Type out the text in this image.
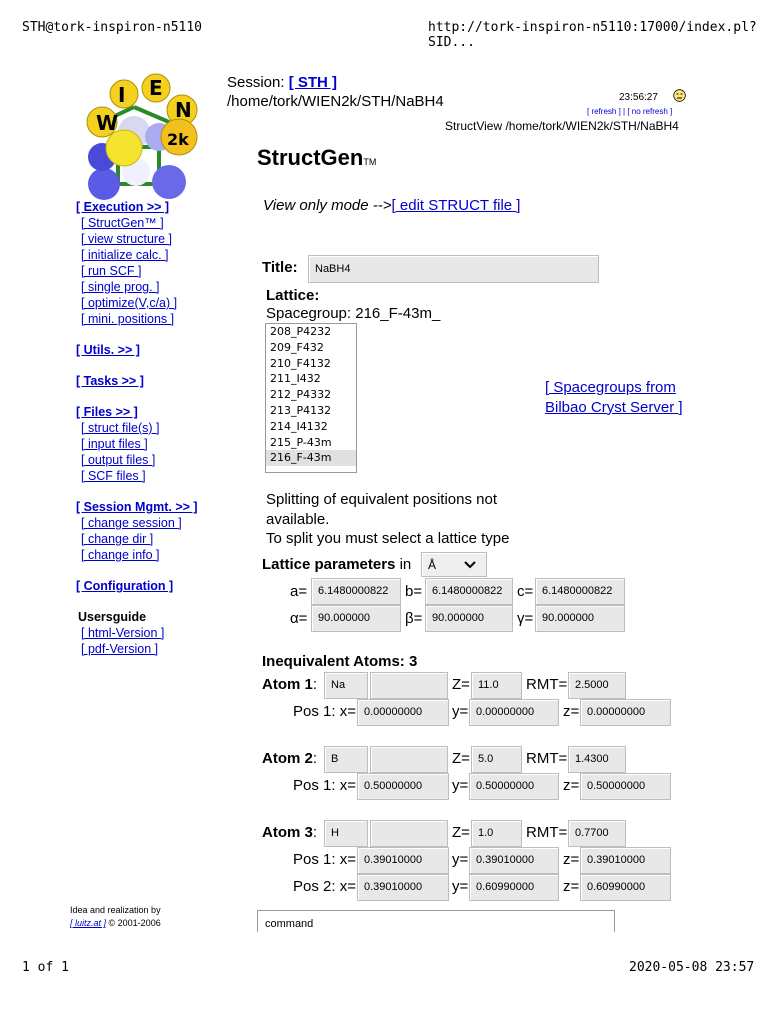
STH@tork-inspiron-n5110	http://tork-inspiron-n5110:17000/index.pl?SID...
1 of 1	2020-05-08 23:57
W
I E
N
2k
Session: [ STH ]
/home/tork/WIEN2k/STH/NaBH4	23:56:27
[ refresh ] | [ no refresh ]
StructView /home/tork/WIEN2k/STH/NaBH4
StructGenTM
[ Execution >> ]
[ StructGen™ ]
[ view structure ]
[ initialize calc. ]
[ run SCF ]
[ single prog. ]
[ optimize(V,c/a) ]
[ mini. positions ]
[ Utils. >> ]
[ Tasks >> ]
[ Files >> ]
[ struct file(s) ]
[ input files ]
[ output files ]
[ SCF files ]
[ Session Mgmt. >> ]
[ change session ]
[ change dir ]
[ change info ]
[ Configuration ]
Usersguide
[ html-Version ]
[ pdf-Version ]
Idea and realization by
[ luitz.at ] © 2001-2006
View only mode -->[ edit STRUCT file ]
Title:	NaBH4
Lattice:
Spacegroup: 216_F-43m_
208_P4232
209_F432
210_F4132
211_I432
212_P4332
213_P4132
214_I4132
215_P-43m
216_F-43m
[ Spacegroups from Bilbao Cryst Server ]
Splitting of equivalent positions not available.
To split you must select a lattice type
Lattice parameters in	Å
a= 6.1480000822	b= 6.1480000822 c= 6.1480000822
α= 90.000000	β= 90.000000	γ= 90.000000
Inequivalent Atoms: 3
Atom 1:	Na	Z= 11.0	RMT= 2.5000
Pos 1: x= 0.00000000	y= 0.00000000	z= 0.00000000
Atom 2:	B	Z= 5.0	RMT= 1.4300
Pos 1: x= 0.50000000	y= 0.50000000	z= 0.50000000
Atom 3:	H	Z= 1.0	RMT= 0.7700
Pos 1: x= 0.39010000	y= 0.39010000	z= 0.39010000
Pos 2: x= 0.39010000	y= 0.60990000	z= 0.60990000
command
